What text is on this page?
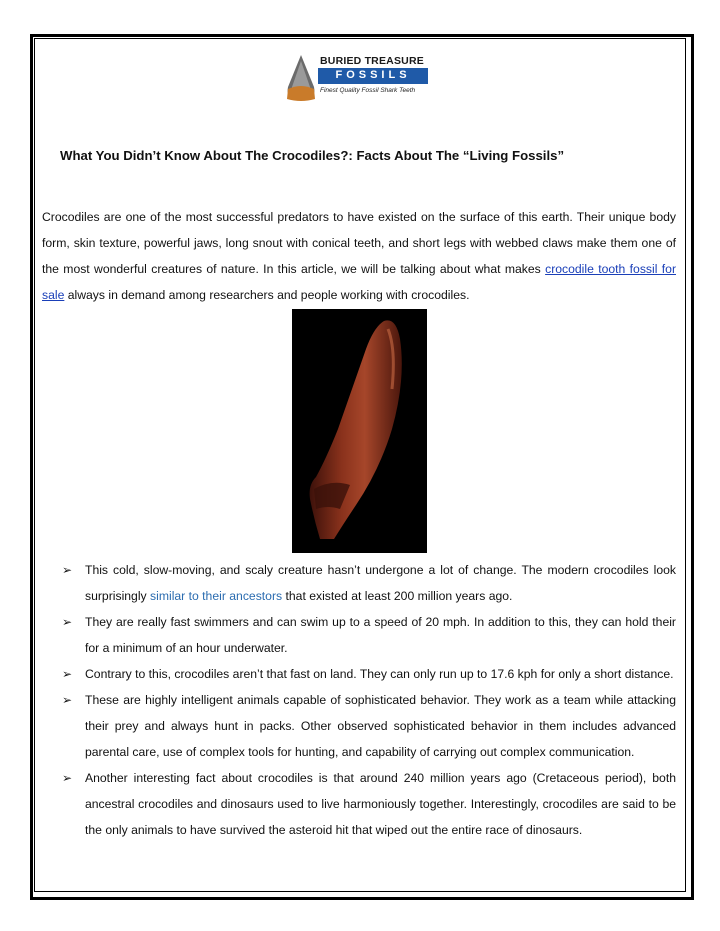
BURIED TREASURE
FOSSILS
Finest Quality Fossil Shark Teeth
What You Didn’t Know About The Crocodiles?: Facts About The “Living Fossils”

Crocodiles are one of the most successful predators to have existed on the surface of this earth. Their unique body form, skin texture, powerful jaws, long snout with conical teeth, and short legs with webbed claws make them one of the most wonderful creatures of nature. In this article, we will be talking about what makes crocodile tooth fossil for sale always in demand among researchers and people working with crocodiles.

➢ This cold, slow-moving, and scaly creature hasn’t undergone a lot of change. The modern crocodiles look surprisingly similar to their ancestors that existed at least 200 million years ago.
➢ They are really fast swimmers and can swim up to a speed of 20 mph. In addition to this, they can hold their for a minimum of an hour underwater.
➢ Contrary to this, crocodiles aren’t that fast on land. They can only run up to 17.6 kph for only a short distance.
➢ These are highly intelligent animals capable of sophisticated behavior. They work as a team while attacking their prey and always hunt in packs. Other observed sophisticated behavior in them includes advanced parental care, use of complex tools for hunting, and capability of carrying out complex communication.
➢ Another interesting fact about crocodiles is that around 240 million years ago (Cretaceous period), both ancestral crocodiles and dinosaurs used to live harmoniously together. Interestingly, crocodiles are said to be the only animals to have survived the asteroid hit that wiped out the entire race of dinosaurs.
